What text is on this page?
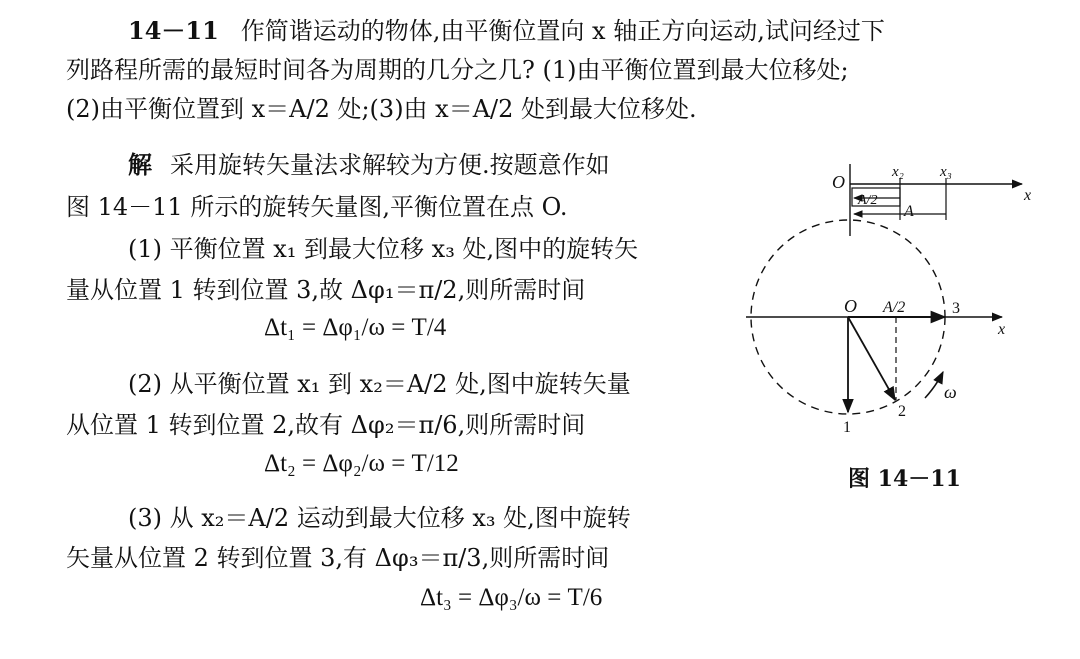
14－11 作简谐运动的物体,由平衡位置向 x 轴正方向运动,试问经过下
列路程所需的最短时间各为周期的几分之几? (1)由平衡位置到最大位移处;
(2)由平衡位置到 x＝A/2 处;(3)由 x＝A/2 处到最大位移处.
解 采用旋转矢量法求解较为方便.按题意作如
图 14－11 所示的旋转矢量图,平衡位置在点 O.
(1) 平衡位置 x₁ 到最大位移 x₃ 处,图中的旋转矢
量从位置 1 转到位置 3,故 Δφ₁＝π/2,则所需时间
Δt₁ = Δφ₁/ω = T/4
(2) 从平衡位置 x₁ 到 x₂＝A/2 处,图中旋转矢量
从位置 1 转到位置 2,故有 Δφ₂＝π/6,则所需时间
Δt₂ = Δφ₂/ω = T/12
(3) 从 x₂＝A/2 运动到最大位移 x₃ 处,图中旋转
矢量从位置 2 转到位置 3,有 Δφ₃＝π/3,则所需时间
Δt₃ = Δφ₃/ω = T/6
O	x₂ x₃
x
A/2
A
O A/2	3
x
ω
2
1
图 14－11
